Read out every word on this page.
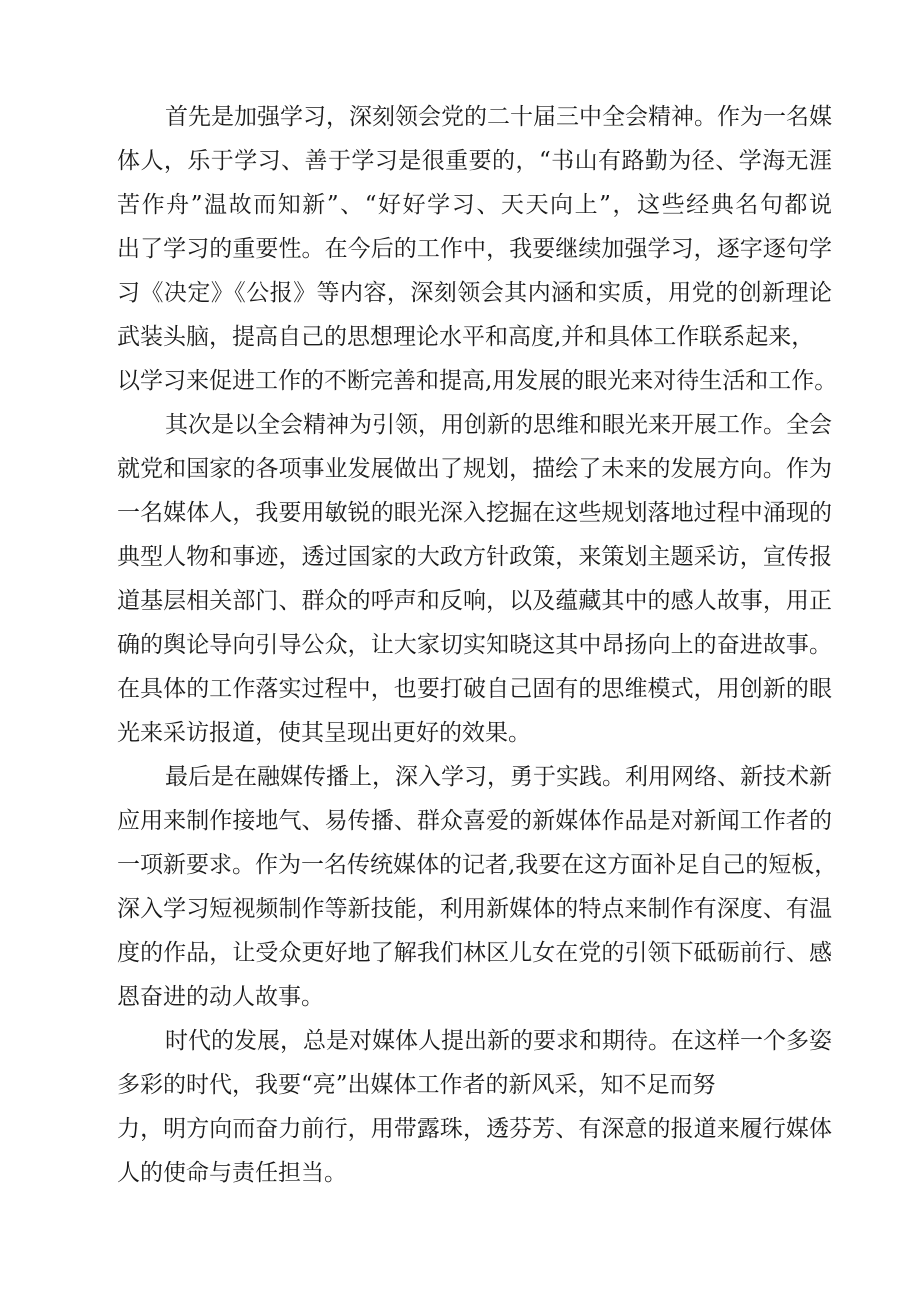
首先是加强学习，深刻领会党的二十届三中全会精神。作为一名媒
体人，乐于学习、善于学习是很重要的，“书山有路勤为径、学海无涯
苦作舟”温故而知新”、“好好学习、天天向上”，这些经典名句都说
出了学习的重要性。在今后的工作中，我要继续加强学习，逐字逐句学
习《决定》《公报》等内容，深刻领会其内涵和实质，用党的创新理论
武装头脑，提高自己的思想理论水平和高度,并和具体工作联系起来，
以学习来促进工作的不断完善和提高,用发展的眼光来对待生活和工作。
其次是以全会精神为引领，用创新的思维和眼光来开展工作。全会
就党和国家的各项事业发展做出了规划，描绘了未来的发展方向。作为
一名媒体人，我要用敏锐的眼光深入挖掘在这些规划落地过程中涌现的
典型人物和事迹，透过国家的大政方针政策，来策划主题采访，宣传报
道基层相关部门、群众的呼声和反响，以及蕴藏其中的感人故事，用正
确的舆论导向引导公众，让大家切实知晓这其中昂扬向上的奋进故事。
在具体的工作落实过程中，也要打破自己固有的思维模式，用创新的眼
光来采访报道，使其呈现出更好的效果。
最后是在融媒传播上，深入学习，勇于实践。利用网络、新技术新
应用来制作接地气、易传播、群众喜爱的新媒体作品是对新闻工作者的
一项新要求。作为一名传统媒体的记者,我要在这方面补足自己的短板，
深入学习短视频制作等新技能，利用新媒体的特点来制作有深度、有温
度的作品，让受众更好地了解我们林区儿女在党的引领下砥砺前行、感
恩奋进的动人故事。
时代的发展，总是对媒体人提出新的要求和期待。在这样一个多姿
多彩的时代，我要“亮”出媒体工作者的新风采，知不足而努
力，明方向而奋力前行，用带露珠，透芬芳、有深意的报道来履行媒体
人的使命与责任担当。
